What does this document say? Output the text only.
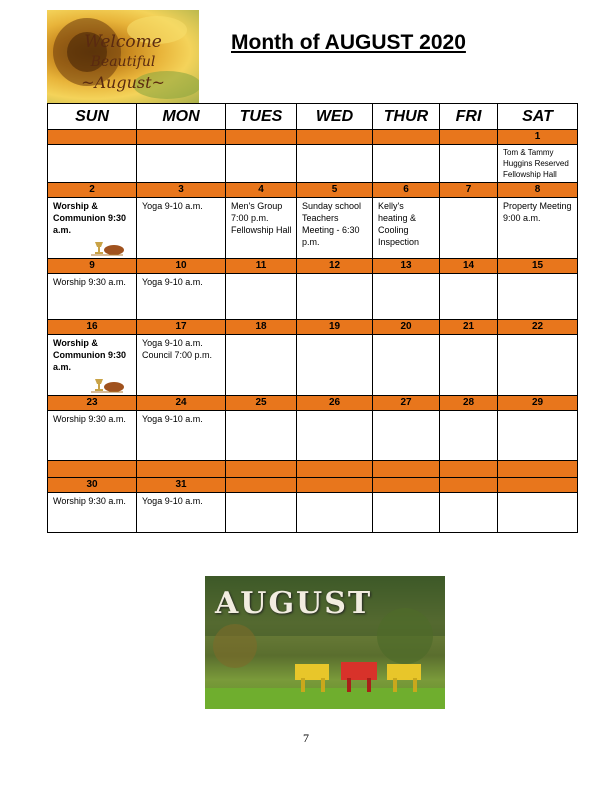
Welcome
Beautiful
~August~
Month of AUGUST 2020
SUN	MON	TUES	WED	THUR	FRI	SAT
						1
						Tom & Tammy Huggins Reserved Fellowship Hall
2	3	4	5	6	7	8
Worship & Communion 9:30 a.m.	Yoga 9-10 a.m.	Men's Group 7:00 p.m. Fellowship Hall	Sunday school Teachers Meeting - 6:30 p.m.	Kelly's heating & Cooling Inspection		Property Meeting 9:00 a.m.
9	10	11	12	13	14	15
Worship 9:30 a.m.	Yoga 9-10 a.m.					
16	17	18	19	20	21	22
Worship & Communion 9:30 a.m.	Yoga 9-10 a.m. Council 7:00 p.m.					
23	24	25	26	27	28	29
Worship 9:30 a.m.	Yoga 9-10 a.m.					

30	31					
Worship 9:30 a.m.	Yoga 9-10 a.m.					
AUGUST
7
